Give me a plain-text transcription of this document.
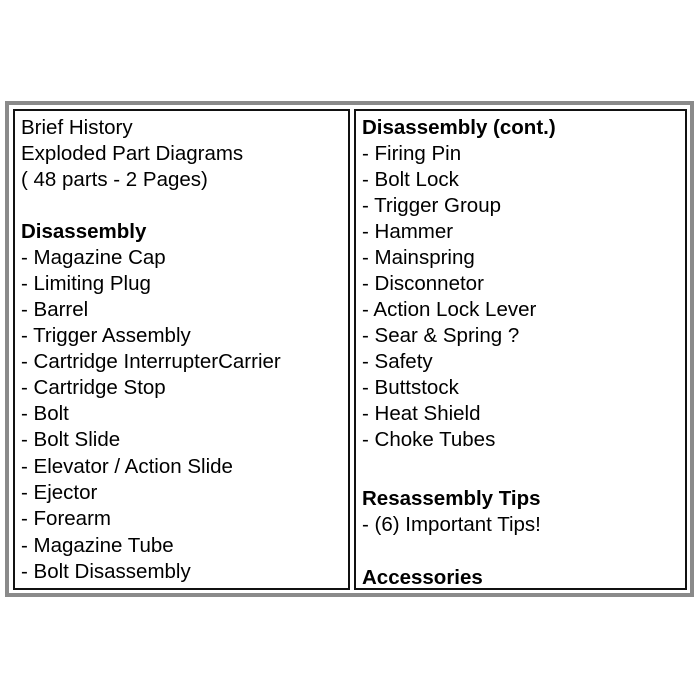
Brief History
Exploded Part Diagrams
( 48 parts - 2 Pages)
Disassembly
- Magazine Cap
- Limiting Plug
- Barrel
- Trigger Assembly
- Cartridge InterrupterCarrier
- Cartridge Stop
- Bolt
- Bolt Slide
- Elevator / Action Slide
- Ejector
- Forearm
- Magazine Tube
- Bolt Disassembly
Disassembly (cont.)
- Firing Pin
- Bolt Lock
- Trigger Group
- Hammer
- Mainspring
- Disconnetor
- Action Lock Lever
- Sear & Spring ?
- Safety
- Buttstock
- Heat Shield
- Choke Tubes
Resassembly Tips
- (6) Important Tips!
Accessories
